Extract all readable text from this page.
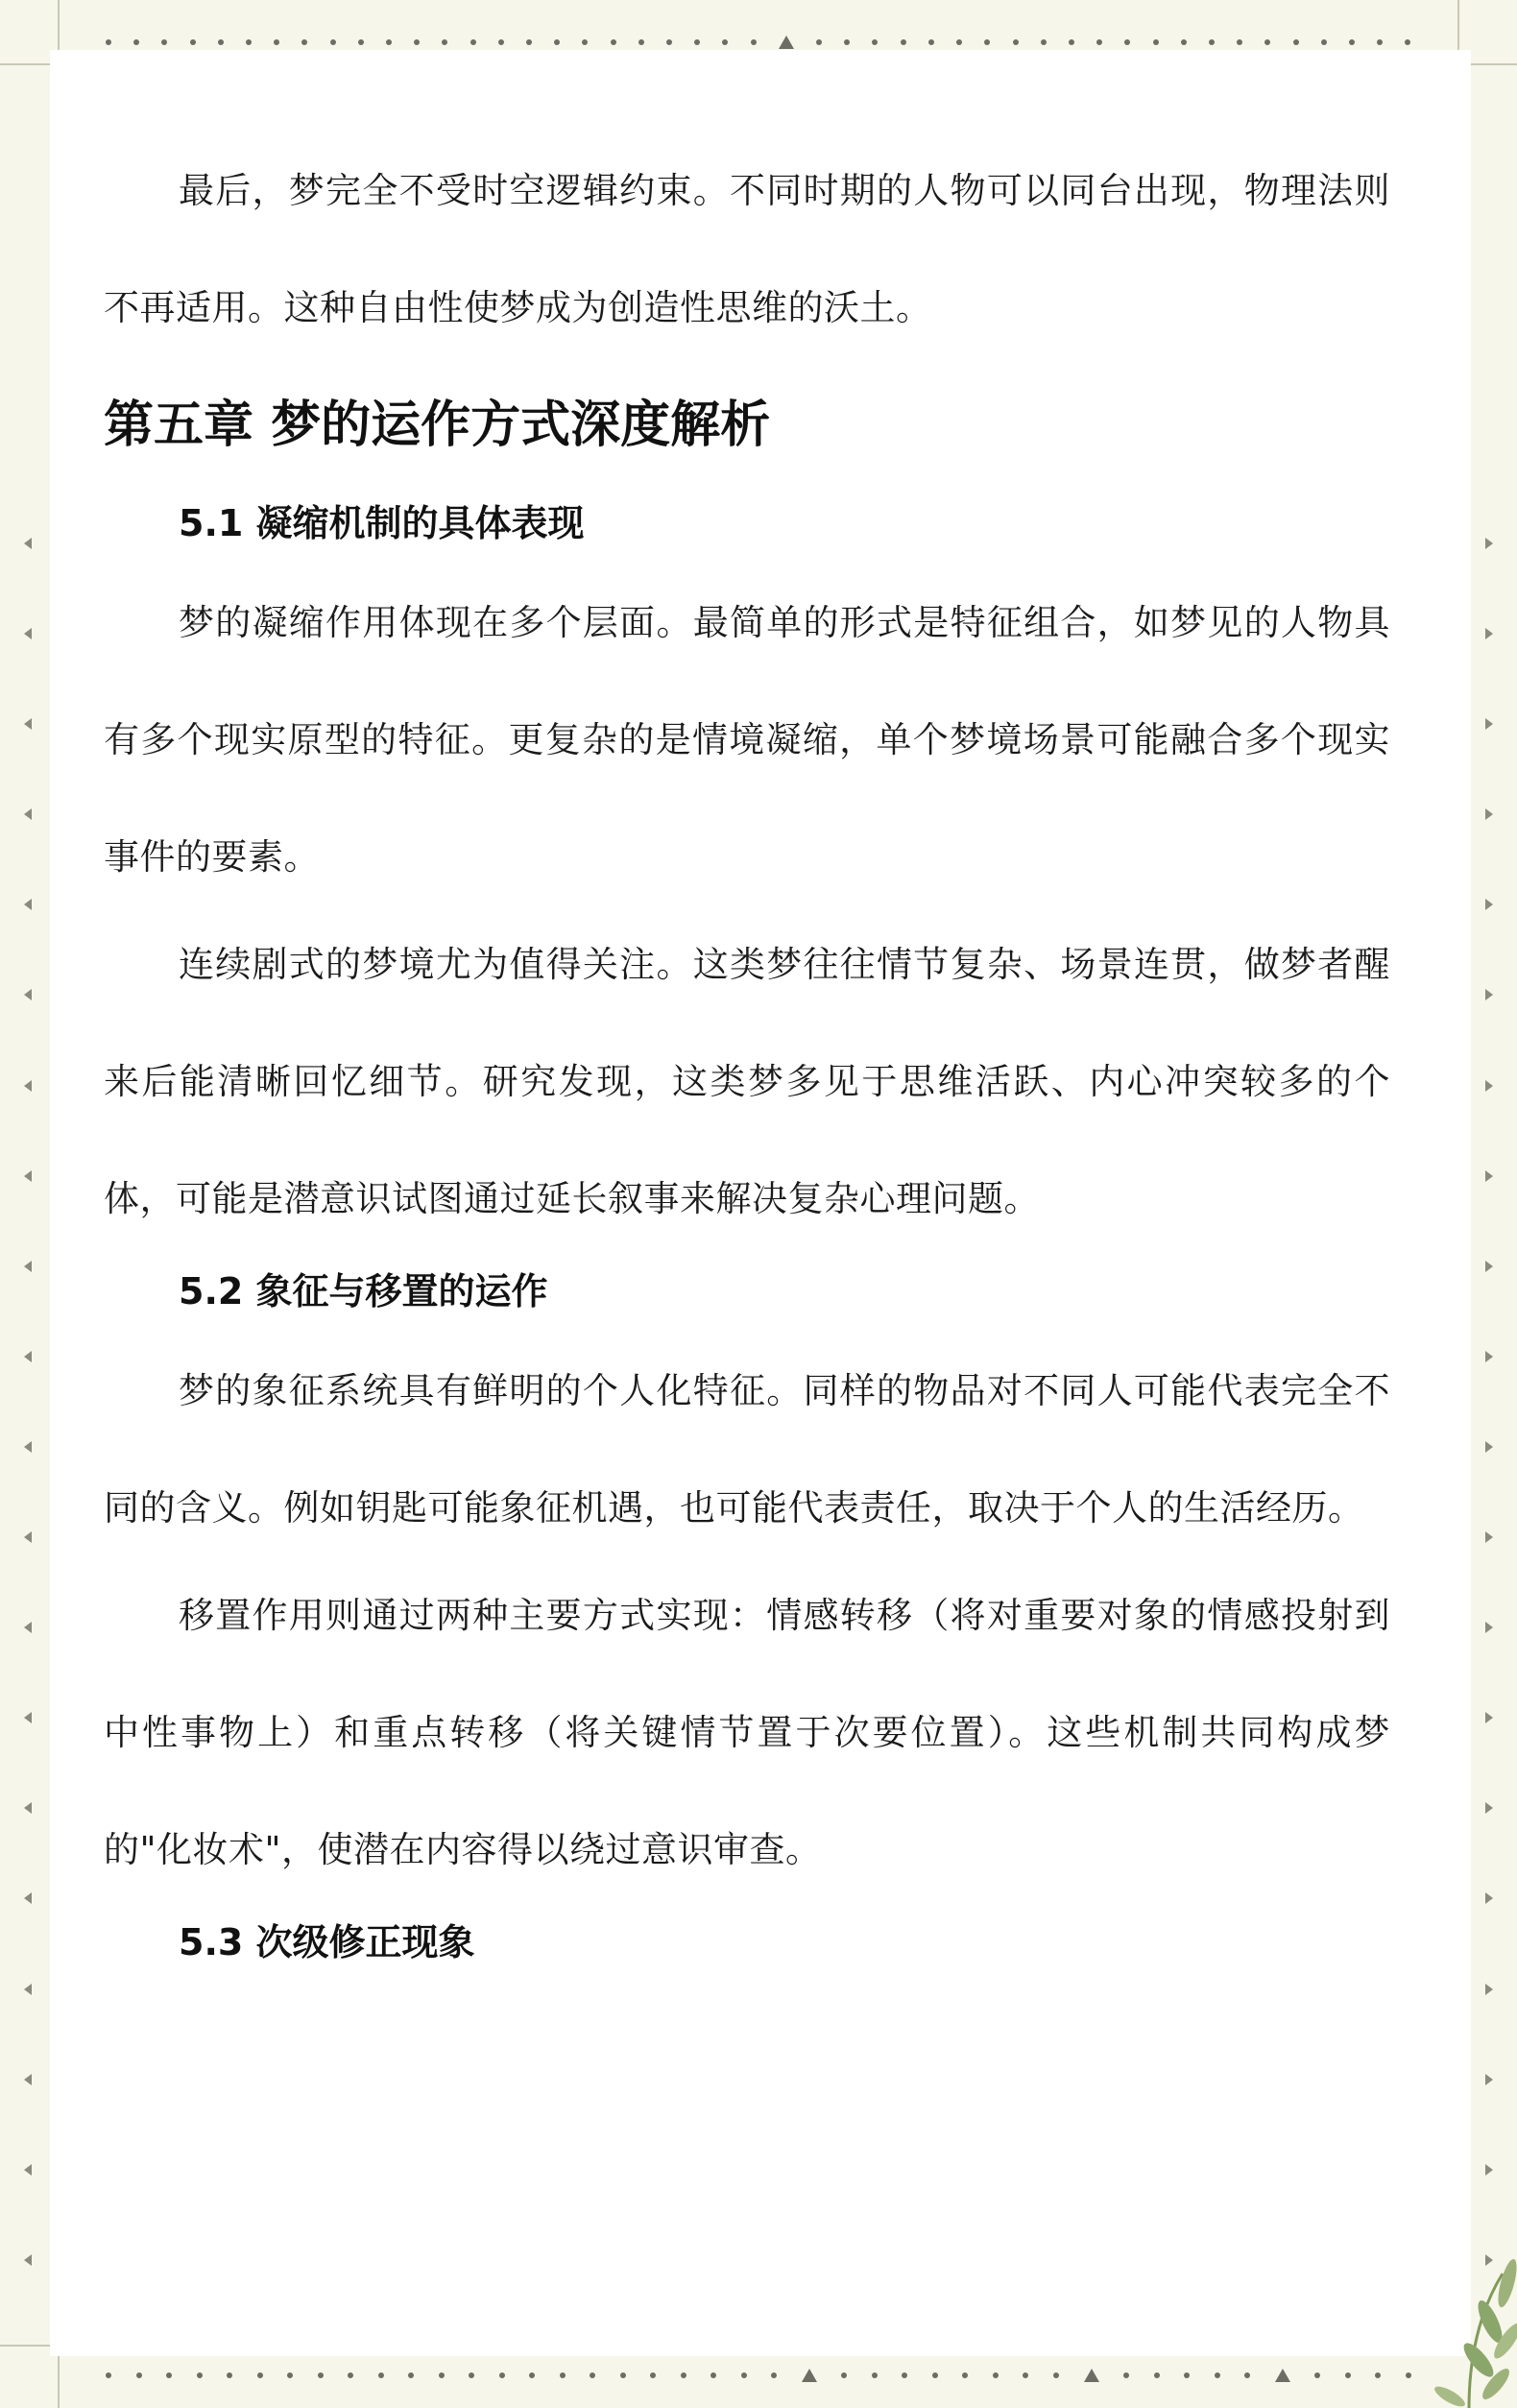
最后，梦完全不受时空逻辑约束。不同时期的人物可以同台出现，物理法则不再适用。这种自由性使梦成为创造性思维的沃土。

第五章 梦的运作方式深度解析
5.1 凝缩机制的具体表现

梦的凝缩作用体现在多个层面。最简单的形式是特征组合，如梦见的人物具有多个现实原型的特征。更复杂的是情境凝缩，单个梦境场景可能融合多个现实事件的要素。

连续剧式的梦境尤为值得关注。这类梦往往情节复杂、场景连贯，做梦者醒来后能清晰回忆细节。研究发现，这类梦多见于思维活跃、内心冲突较多的个体，可能是潜意识试图通过延长叙事来解决复杂心理问题。

5.2 象征与移置的运作

梦的象征系统具有鲜明的个人化特征。同样的物品对不同人可能代表完全不同的含义。例如钥匙可能象征机遇，也可能代表责任，取决于个人的生活经历。

移置作用则通过两种主要方式实现：情感转移（将对重要对象的情感投射到中性事物上）和重点转移（将关键情节置于次要位置）。这些机制共同构成梦的"化妆术"，使潜在内容得以绕过意识审查。

5.3 次级修正现象
